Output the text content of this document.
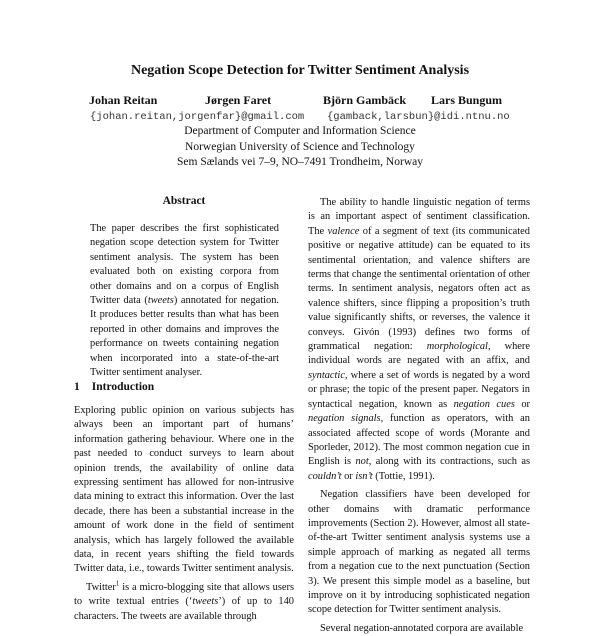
Negation Scope Detection for Twitter Sentiment Analysis
Johan Reitan	Jørgen Faret	Björn Gambäck Lars Bungum
{johan.reitan,jorgenfar}@gmail.com {gamback,larsbun}@idi.ntnu.no
Department of Computer and Information Science
Norwegian University of Science and Technology
Sem Sælands vei 7–9, NO–7491 Trondheim, Norway
Abstract

The paper describes the first sophisticated negation scope detection system for Twitter sentiment analysis. The system has been evaluated both on existing corpora from other domains and on a corpus of English Twitter data (tweets) annotated for negation. It produces better results than what has been reported in other domains and improves the performance on tweets containing negation when incorporated into a state-of-the-art Twitter sentiment analyser.

1 Introduction

Exploring public opinion on various subjects has always been an important part of humans’ information gathering behaviour. Where one in the past needed to conduct surveys to learn about opinion trends, the availability of online data expressing sentiment has allowed for non-intrusive data mining to extract this information. Over the last decade, there has been a substantial increase in the amount of work done in the field of sentiment analysis, which has largely followed the available data, in recent years shifting the field towards Twitter data, i.e., towards Twitter sentiment analysis.

Twitter$^1$ is a micro-blogging site that allows users to write textual entries (‘tweets’) of up to 140 characters. The tweets are available through

The ability to handle linguistic negation of terms is an important aspect of sentiment classification. The valence of a segment of text (its communicated positive or negative attitude) can be equated to its sentimental orientation, and valence shifters are terms that change the sentimental orientation of other terms. In sentiment analysis, negators often act as valence shifters, since flipping a proposition’s truth value significantly shifts, or reverses, the valence it conveys. Givón (1993) defines two forms of grammatical negation: morphological, where individual words are negated with an affix, and syntactic, where a set of words is negated by a word or phrase; the topic of the present paper. Negators in syntactical negation, known as negation cues or negation signals, function as operators, with an associated affected scope of words (Morante and Sporleder, 2012). The most common negation cue in English is not, along with its contractions, such as couldn’t or isn’t (Tottie, 1991).

Negation classifiers have been developed for other domains with dramatic performance improvements (Section 2). However, almost all state-of-the-art Twitter sentiment analysis systems use a simple approach of marking as negated all terms from a negation cue to the next punctuation (Section 3). We present this simple model as a baseline, but improve on it by introducing sophisticated negation scope detection for Twitter sentiment analysis.

Several negation-annotated corpora are available
